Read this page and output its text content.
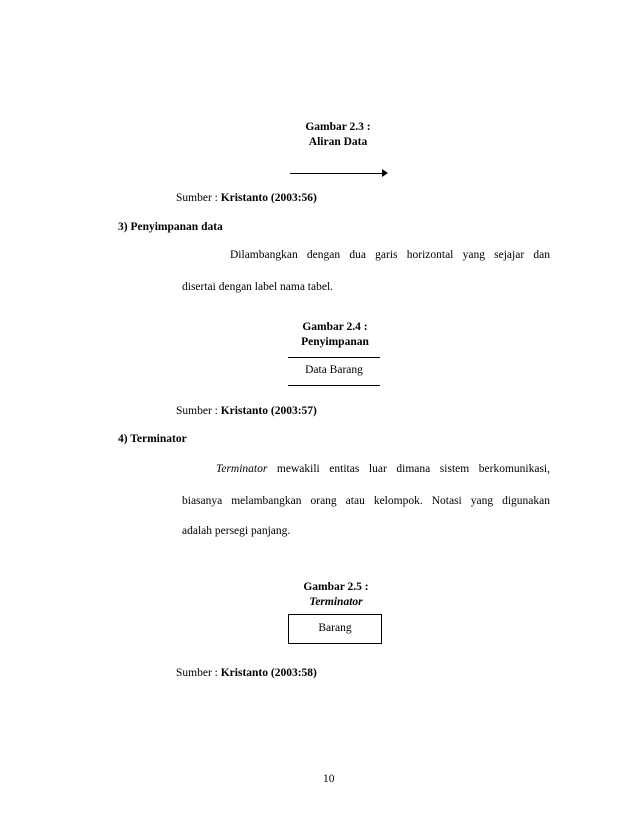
Gambar 2.3 :
Aliran Data
Sumber : Kristanto (2003:56)
3) Penyimpanan data
Dilambangkan dengan dua garis horizontal yang sejajar dan
disertai dengan label nama tabel.
Gambar 2.4 :
Penyimpanan
Data Barang
Sumber : Kristanto (2003:57)
4) Terminator
Terminator mewakili entitas luar dimana sistem berkomunikasi,
biasanya melambangkan orang atau kelompok. Notasi yang digunakan
adalah persegi panjang.
Gambar 2.5 :
Terminator
Barang
Sumber : Kristanto (2003:58)
10
